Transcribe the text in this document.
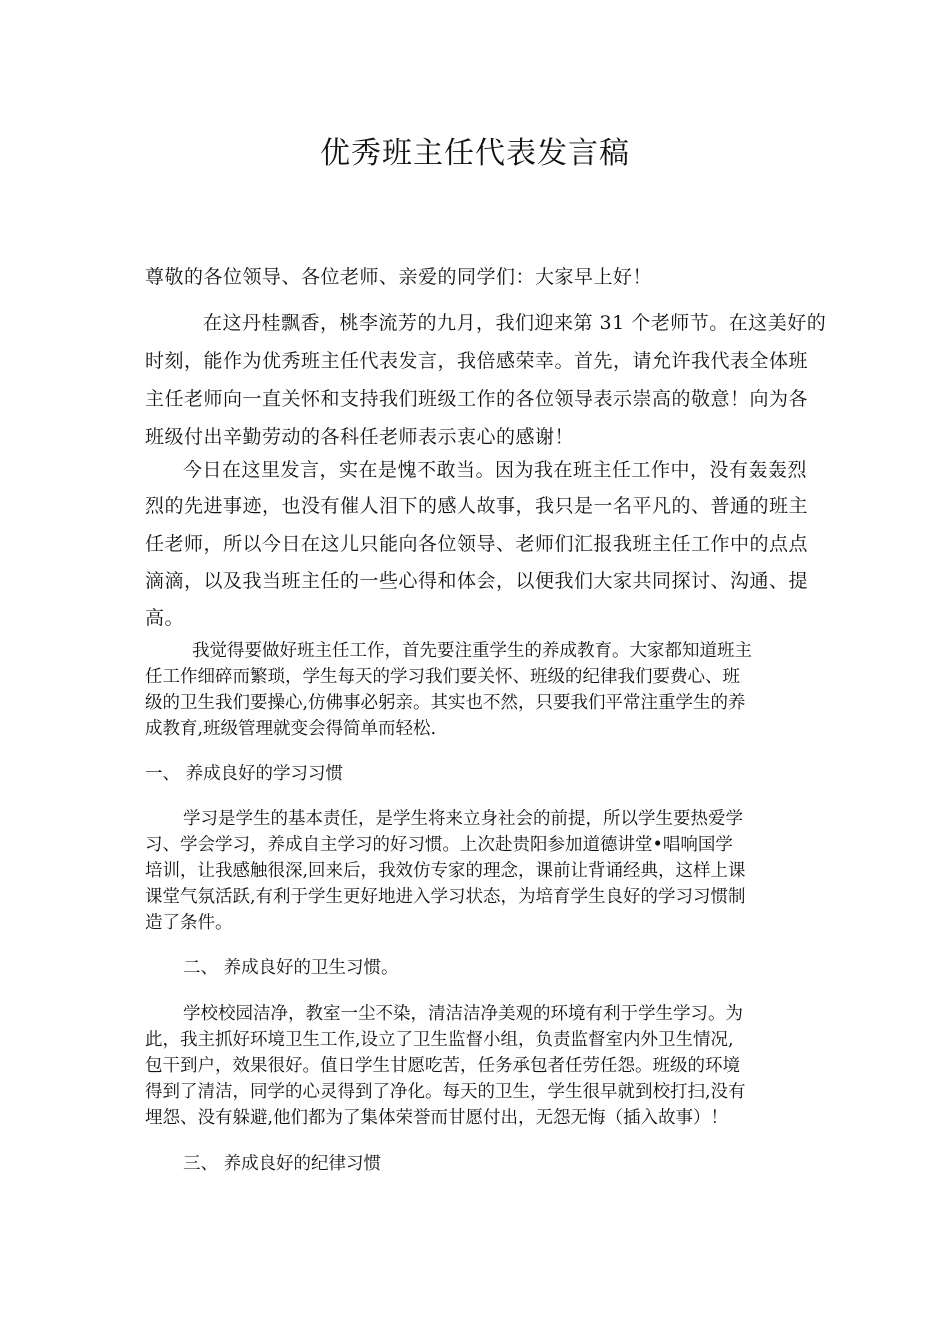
优秀班主任代表发言稿
尊敬的各位领导、各位老师、亲爱的同学们：大家早上好！
在这丹桂飘香，桃李流芳的九月，我们迎来第 31 个老师节。在这美好的
时刻，能作为优秀班主任代表发言，我倍感荣幸。首先，请允许我代表全体班
主任老师向一直关怀和支持我们班级工作的各位领导表示崇高的敬意！向为各
班级付出辛勤劳动的各科任老师表示衷心的感谢！
今日在这里发言，实在是愧不敢当。因为我在班主任工作中，没有轰轰烈
烈的先进事迹，也没有催人泪下的感人故事，我只是一名平凡的、普通的班主
任老师，所以今日在这儿只能向各位领导、老师们汇报我班主任工作中的点点
滴滴，以及我当班主任的一些心得和体会，以便我们大家共同探讨、沟通、提
高。
我觉得要做好班主任工作，首先要注重学生的养成教育。大家都知道班主
任工作细碎而繁琐，学生每天的学习我们要关怀、班级的纪律我们要费心、班
级的卫生我们要操心,仿佛事必躬亲。其实也不然，只要我们平常注重学生的养
成教育,班级管理就变会得简单而轻松.
一、 养成良好的学习习惯
学习是学生的基本责任，是学生将来立身社会的前提，所以学生要热爱学
习、学会学习，养成自主学习的好习惯。上次赴贵阳参加道德讲堂•唱响国学
培训，让我感触很深,回来后，我效仿专家的理念，课前让背诵经典，这样上课
课堂气氛活跃,有利于学生更好地进入学习状态，为培育学生良好的学习习惯制
造了条件。
二、 养成良好的卫生习惯。
学校校园洁净，教室一尘不染，清洁洁净美观的环境有利于学生学习。为
此，我主抓好环境卫生工作,设立了卫生监督小组，负责监督室内外卫生情况,
包干到户，效果很好。值日学生甘愿吃苦，任务承包者任劳任怨。班级的环境
得到了清洁，同学的心灵得到了净化。每天的卫生，学生很早就到校打扫,没有
埋怨、没有躲避,他们都为了集体荣誉而甘愿付出，无怨无悔（插入故事）！
三、 养成良好的纪律习惯
